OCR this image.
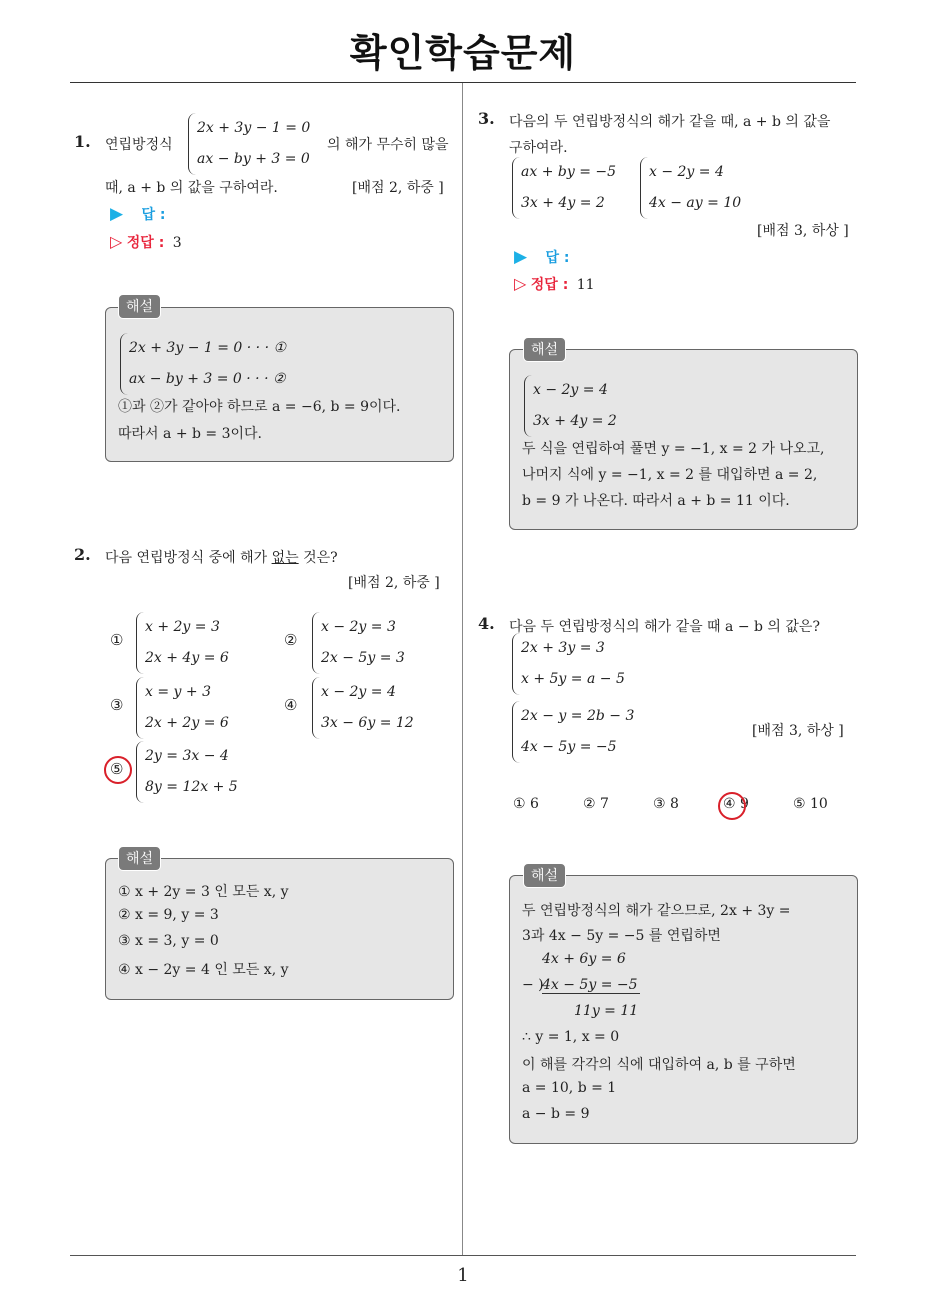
확인학습문제
1. 연립방정식
2x + 3y − 1 = 0
ax − by + 3 = 0
의 해가 무수히 많을
때, a + b 의 값을 구하여라.	[배점 2, 하중 ]
▶ 답 :
▷ 정답 : 3
2x + 3y − 1 = 0 · · · ①
ax − by + 3 = 0 · · · ②
①과 ②가 같아야 하므로 a = −6, b = 9이다.
따라서 a + b = 3이다.
해설
2. 다음 연립방정식 중에 해가 없는 것은?
[배점 2, 하중 ]
①
x + 2y = 3
2x + 4y = 6
②
x − 2y = 3
2x − 5y = 3
③
x = y + 3
2x + 2y = 6
④
x − 2y = 4
3x − 6y = 12
⑤
2y = 3x − 4
8y = 12x + 5
① x + 2y = 3 인 모든 x, y
② x = 9, y = 3
③ x = 3, y = 0
④ x − 2y = 4 인 모든 x, y
해설
3. 다음의 두 연립방정식의 해가 같을 때, a + b 의 값을
구하여라.
ax + by = −5
3x + 4y = 2
x − 2y = 4
4x − ay = 10
[배점 3, 하상 ]
▶ 답 :
▷ 정답 : 11
x − 2y = 4
3x + 4y = 2
두 식을 연립하여 풀면 y = −1, x = 2 가 나오고,
나머지 식에 y = −1, x = 2 를 대입하면 a = 2,
b = 9 가 나온다. 따라서 a + b = 11 이다.
해설
4. 다음 두 연립방정식의 해가 같을 때 a − b 의 값은?
2x + 3y = 3
x + 5y = a − 5
2x − y = 2b − 3
4x − 5y = −5
[배점 3, 하상 ]
① 6	② 7	③ 8	④ 9	⑤ 10
두 연립방정식의 해가 같으므로, 2x + 3y =
3과 4x − 5y = −5 를 연립하면
4x + 6y = 6
− )
4x − 5y = −5
11y = 11
∴ y = 1, x = 0
이 해를 각각의 식에 대입하여 a, b 를 구하면
a = 10, b = 1
a − b = 9
해설
1
